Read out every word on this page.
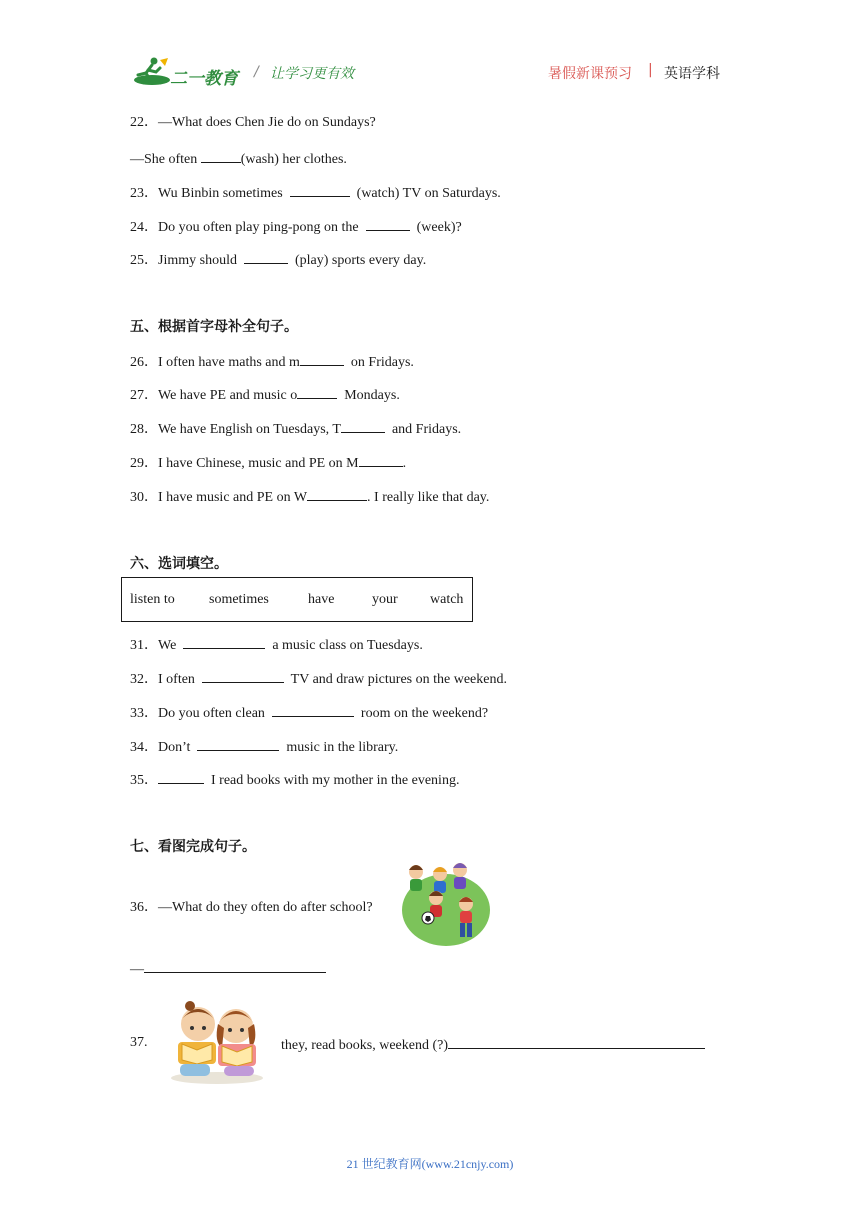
二一教育 / 让学习更有效	暑假新课预习 | 英语学科
22．—What does Chen Jie do on Sundays?
—She often	(wash) her clothes.
23．Wu Binbin sometimes	(watch) TV on Saturdays.
24．Do you often play ping-pong on the	(week)?
25．Jimmy should	(play) sports every day.
五、根据首字母补全句子。
26．I often have maths and m	on Fridays.
27．We have PE and music o	Mondays.
28．We have English on Tuesdays, T	and Fridays.
29．I have Chinese, music and PE on M	.
30．I have music and PE on W	. I really like that day.
六、选词填空。
listen to sometimes	have	your watch
31．We	a music class on Tuesdays.
32．I often	TV and draw pictures on the weekend.
33．Do you often clean	room on the weekend?
34．Don’t	music in the library.
35．	I read books with my mother in the evening.
七、看图完成句子。
36．—What do they often do after school?
—
37.	they, read books, weekend (?)
21 世纪教育网(www.21cnjy.com)
